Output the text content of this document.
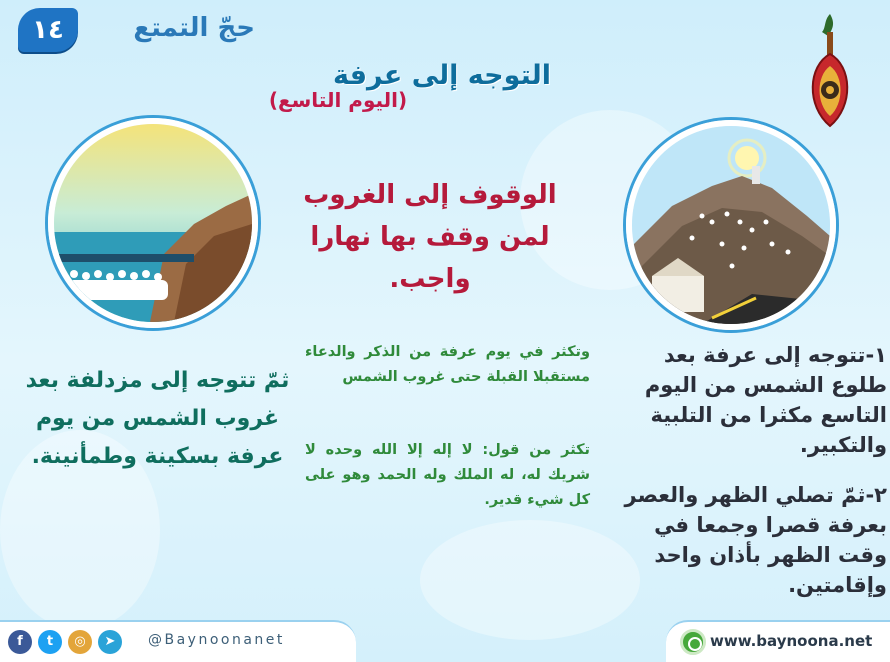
١٤	حجّ التمتع
التوجه إلى عرفة
(اليوم التاسع)
الوقوف إلى الغروب
لمن وقف بها نهارا
واجب.
وتكثر في يوم عرفة من الذكر والدعاء مستقبلا القبلة حتى غروب الشمس
تكثر من قول: لا إله إلا الله وحده لا شريك له، له الملك وله الحمد وهو على كل شيء قدير.
ثمّ تتوجه إلى مزدلفة بعد غروب الشمس من يوم عرفة بسكينة وطمأنينة.
١-تتوجه إلى عرفة بعد طلوع الشمس من اليوم التاسع مكثرا من التلبية والتكبير.
٢-ثمّ تصلي الظهر والعصر بعرفة قصرا وجمعا في وقت الظهر بأذان واحد وإقامتين.
f	t	◎	➤	@Baynoonanet	www.baynoona.net
